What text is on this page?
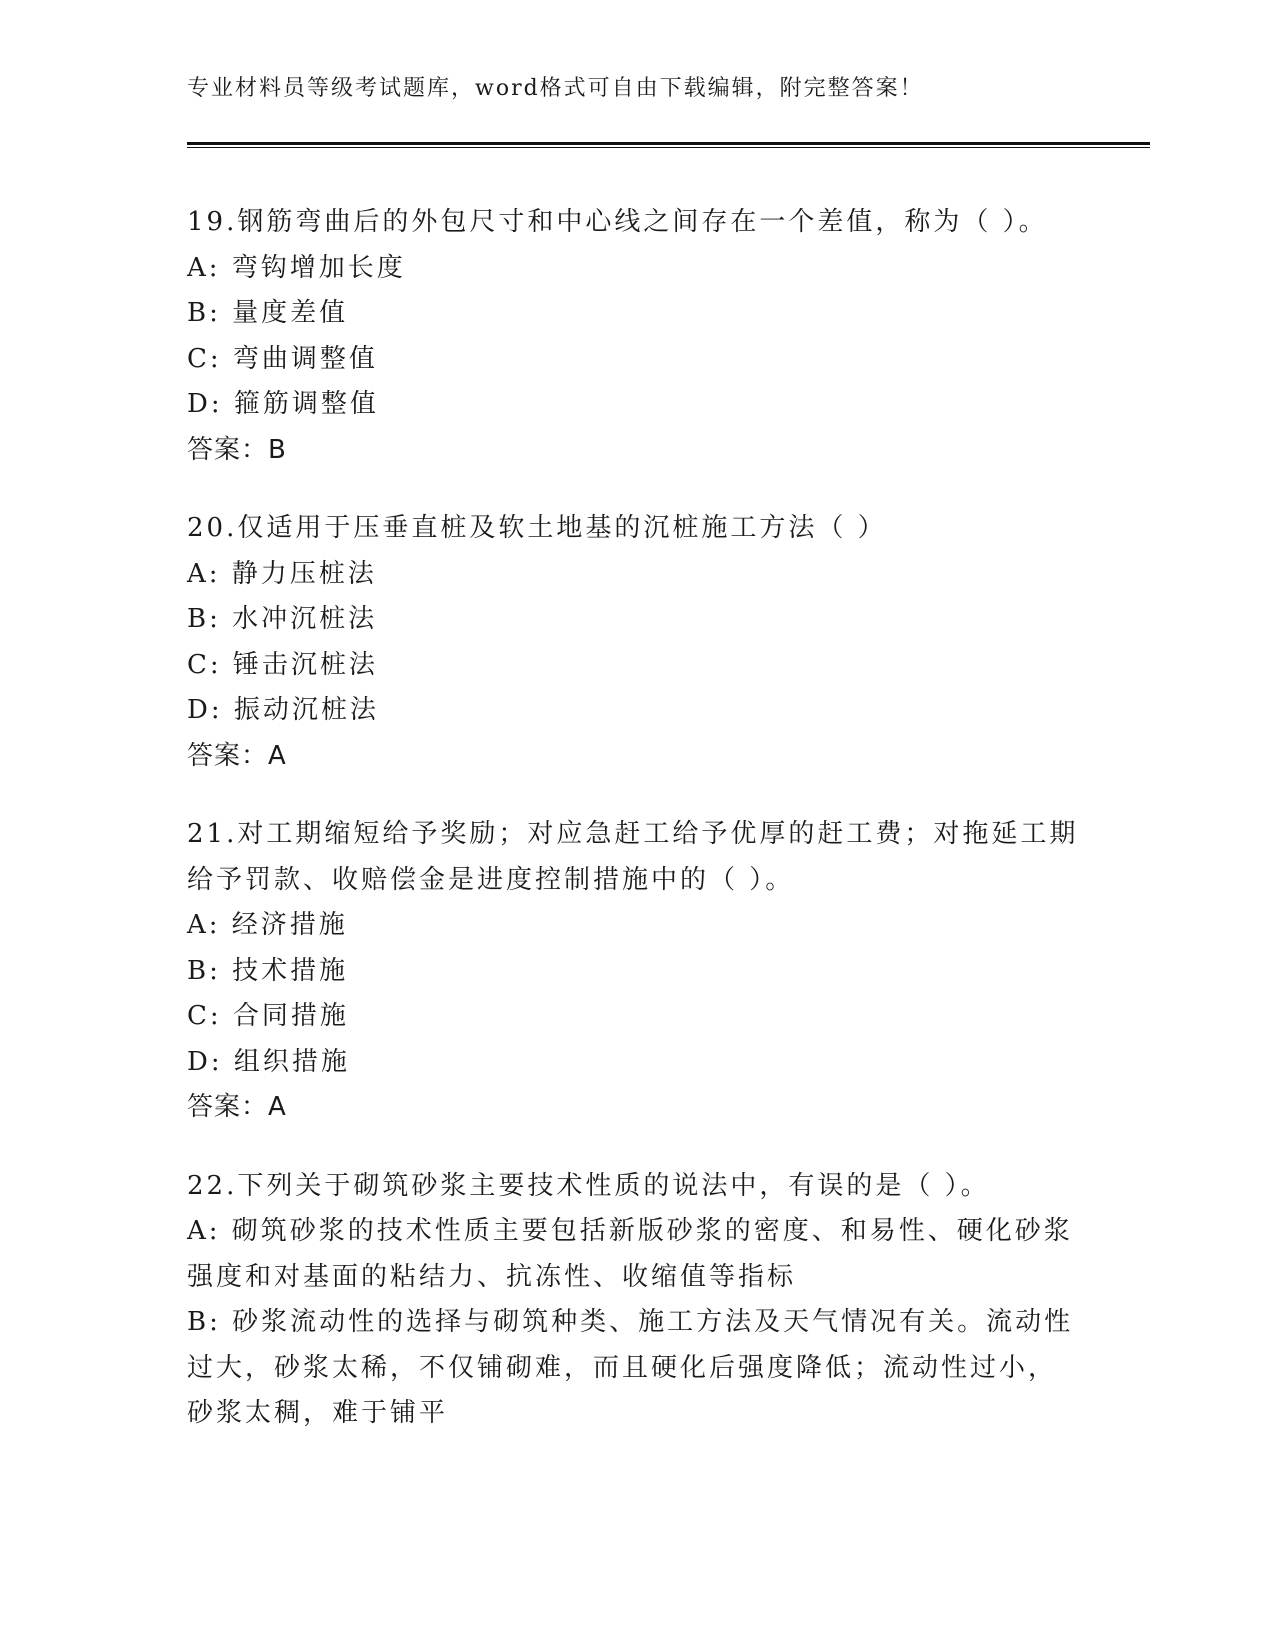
专业材料员等级考试题库，word格式可自由下载编辑，附完整答案！
19.钢筋弯曲后的外包尺寸和中心线之间存在一个差值，称为（ ）。
A: 弯钩增加长度
B: 量度差值
C: 弯曲调整值
D: 箍筋调整值
答案：B
20.仅适用于压垂直桩及软土地基的沉桩施工方法（ ）
A: 静力压桩法
B: 水冲沉桩法
C: 锤击沉桩法
D: 振动沉桩法
答案：A
21.对工期缩短给予奖励；对应急赶工给予优厚的赶工费；对拖延工期
给予罚款、收赔偿金是进度控制措施中的（ ）。
A: 经济措施
B: 技术措施
C: 合同措施
D: 组织措施
答案：A
22.下列关于砌筑砂浆主要技术性质的说法中，有误的是（ ）。
A: 砌筑砂浆的技术性质主要包括新版砂浆的密度、和易性、硬化砂浆
强度和对基面的粘结力、抗冻性、收缩值等指标
B: 砂浆流动性的选择与砌筑种类、施工方法及天气情况有关。流动性
过大，砂浆太稀，不仅铺砌难，而且硬化后强度降低；流动性过小，
砂浆太稠，难于铺平
